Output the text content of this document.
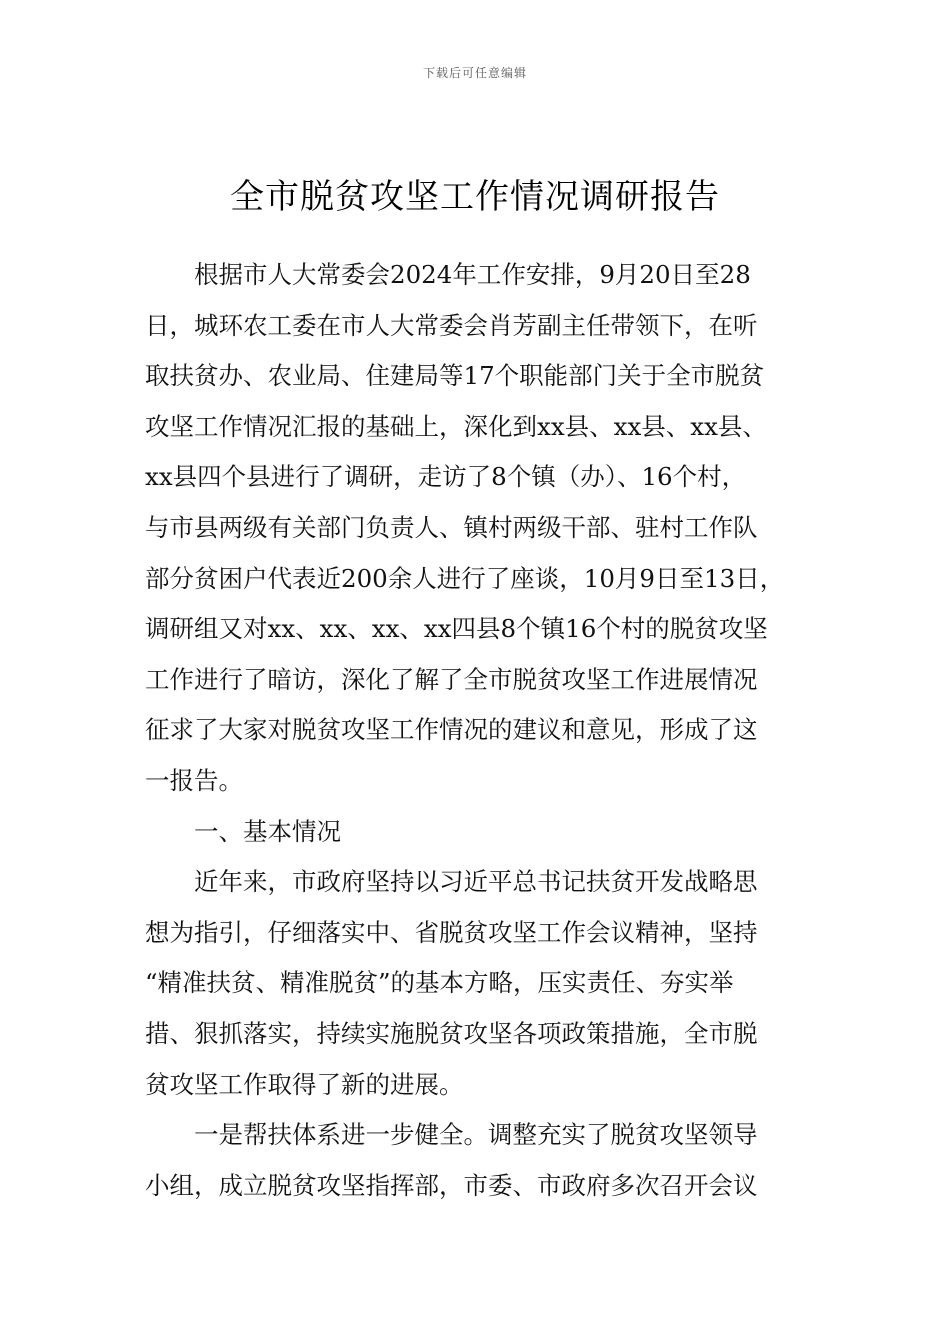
下载后可任意编辑
全市脱贫攻坚工作情况调研报告
根据市人大常委会2024年工作安排，9月20日至28
日，城环农工委在市人大常委会肖芳副主任带领下，在听
取扶贫办、农业局、住建局等17个职能部门关于全市脱贫
攻坚工作情况汇报的基础上，深化到xx县、xx县、xx县、
xx县四个县进行了调研，走访了8个镇（办）、16个村，
与市县两级有关部门负责人、镇村两级干部、驻村工作队
部分贫困户代表近200余人进行了座谈，10月9日至13日，
调研组又对xx、xx、xx、xx四县8个镇16个村的脱贫攻坚
工作进行了暗访，深化了解了全市脱贫攻坚工作进展情况
征求了大家对脱贫攻坚工作情况的建议和意见，形成了这
一报告。
一、基本情况
近年来，市政府坚持以习近平总书记扶贫开发战略思
想为指引，仔细落实中、省脱贫攻坚工作会议精神，坚持
“精准扶贫、精准脱贫”的基本方略，压实责任、夯实举
措、狠抓落实，持续实施脱贫攻坚各项政策措施，全市脱
贫攻坚工作取得了新的进展。
一是帮扶体系进一步健全。调整充实了脱贫攻坚领导
小组，成立脱贫攻坚指挥部，市委、市政府多次召开会议
